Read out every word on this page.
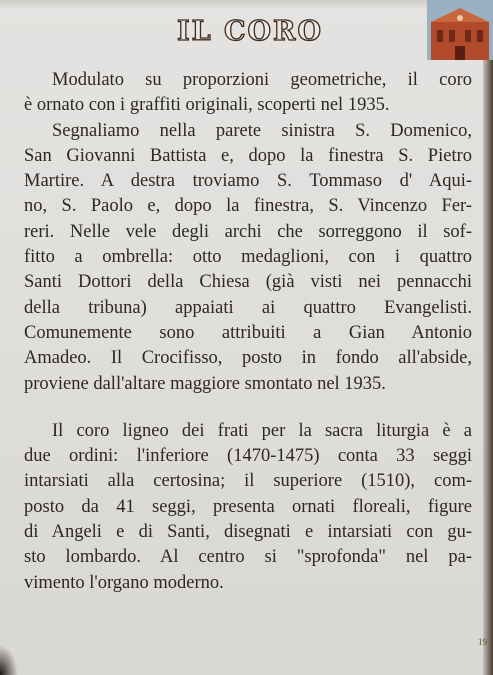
IL CORO
Modulato su proporzioni geometriche, il coro
è ornato con i graffiti originali, scoperti nel 1935.
Segnaliamo nella parete sinistra S. Domenico,
San Giovanni Battista e, dopo la finestra S. Pietro
Martire. A destra troviamo S. Tommaso d' Aqui-
no, S. Paolo e, dopo la finestra, S. Vincenzo Fer-
reri. Nelle vele degli archi che sorreggono il sof-
fitto a ombrella: otto medaglioni, con i quattro
Santi Dottori della Chiesa (già visti nei pennacchi
della tribuna) appaiati ai quattro Evangelisti.
Comunemente sono attribuiti a Gian Antonio
Amadeo. Il Crocifisso, posto in fondo all'abside,
proviene dall'altare maggiore smontato nel 1935.
Il coro ligneo dei frati per la sacra liturgia è a
due ordini: l'inferiore (1470-1475) conta 33 seggi
intarsiati alla certosina; il superiore (1510), com-
posto da 41 seggi, presenta ornati floreali, figure
di Angeli e di Santi, disegnati e intarsiati con gu-
sto lombardo. Al centro si "sprofonda" nel pa-
vimento l'organo moderno.
19
